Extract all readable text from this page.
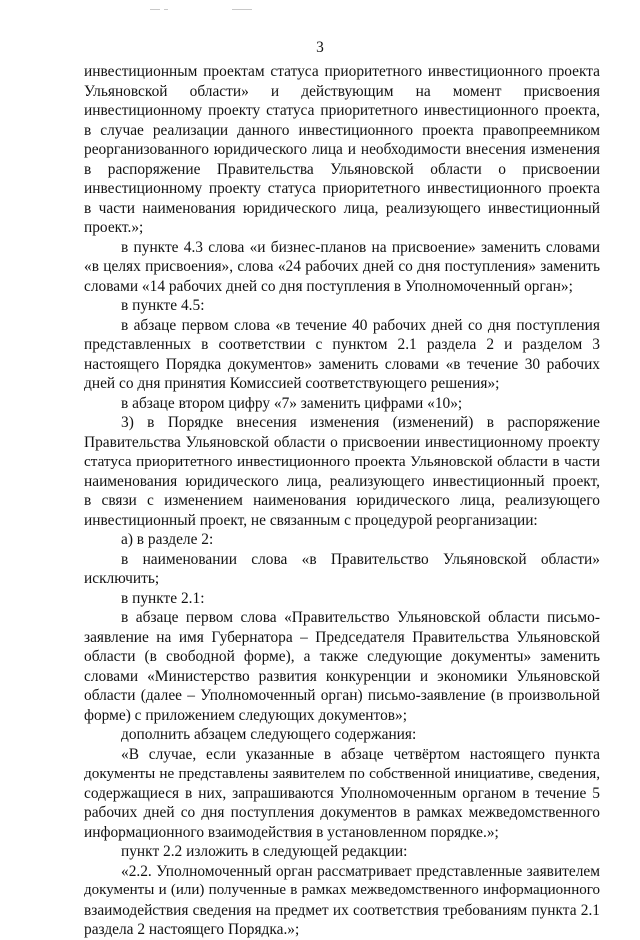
3
инвестиционным проектам статуса приоритетного инвестиционного проекта
Ульяновской области» и действующим на момент присвоения
инвестиционному проекту статуса приоритетного инвестиционного проекта,
в случае реализации данного инвестиционного проекта правопреемником
реорганизованного юридического лица и необходимости внесения изменения
в распоряжение Правительства Ульяновской области о присвоении
инвестиционному проекту статуса приоритетного инвестиционного проекта
в части наименования юридического лица, реализующего инвестиционный
проект.»;
в пункте 4.3 слова «и бизнес-планов на присвоение» заменить словами
«в целях присвоения», слова «24 рабочих дней со дня поступления» заменить
словами «14 рабочих дней со дня поступления в Уполномоченный орган»;
в пункте 4.5:
в абзаце первом слова «в течение 40 рабочих дней со дня поступления
представленных в соответствии с пунктом 2.1 раздела 2 и разделом 3
настоящего Порядка документов» заменить словами «в течение 30 рабочих
дней со дня принятия Комиссией соответствующего решения»;
в абзаце втором цифру «7» заменить цифрами «10»;
3) в Порядке внесения изменения (изменений) в распоряжение
Правительства Ульяновской области о присвоении инвестиционному проекту
статуса приоритетного инвестиционного проекта Ульяновской области в части
наименования юридического лица, реализующего инвестиционный проект,
в связи с изменением наименования юридического лица, реализующего
инвестиционный проект, не связанным с процедурой реорганизации:
а) в разделе 2:
в наименовании слова «в Правительство Ульяновской области»
исключить;
в пункте 2.1:
в абзаце первом слова «Правительство Ульяновской области письмо-
заявление на имя Губернатора – Председателя Правительства Ульяновской
области (в свободной форме), а также следующие документы» заменить
словами «Министерство развития конкуренции и экономики Ульяновской
области (далее – Уполномоченный орган) письмо-заявление (в произвольной
форме) с приложением следующих документов»;
дополнить абзацем следующего содержания:
«В случае, если указанные в абзаце четвёртом настоящего пункта
документы не представлены заявителем по собственной инициативе, сведения,
содержащиеся в них, запрашиваются Уполномоченным органом в течение 5
рабочих дней со дня поступления документов в рамках межведомственного
информационного взаимодействия в установленном порядке.»;
пункт 2.2 изложить в следующей редакции:
«2.2. Уполномоченный орган рассматривает представленные заявителем
документы и (или) полученные в рамках межведомственного информационного
взаимодействия сведения на предмет их соответствия требованиям пункта 2.1
раздела 2 настоящего Порядка.»;
